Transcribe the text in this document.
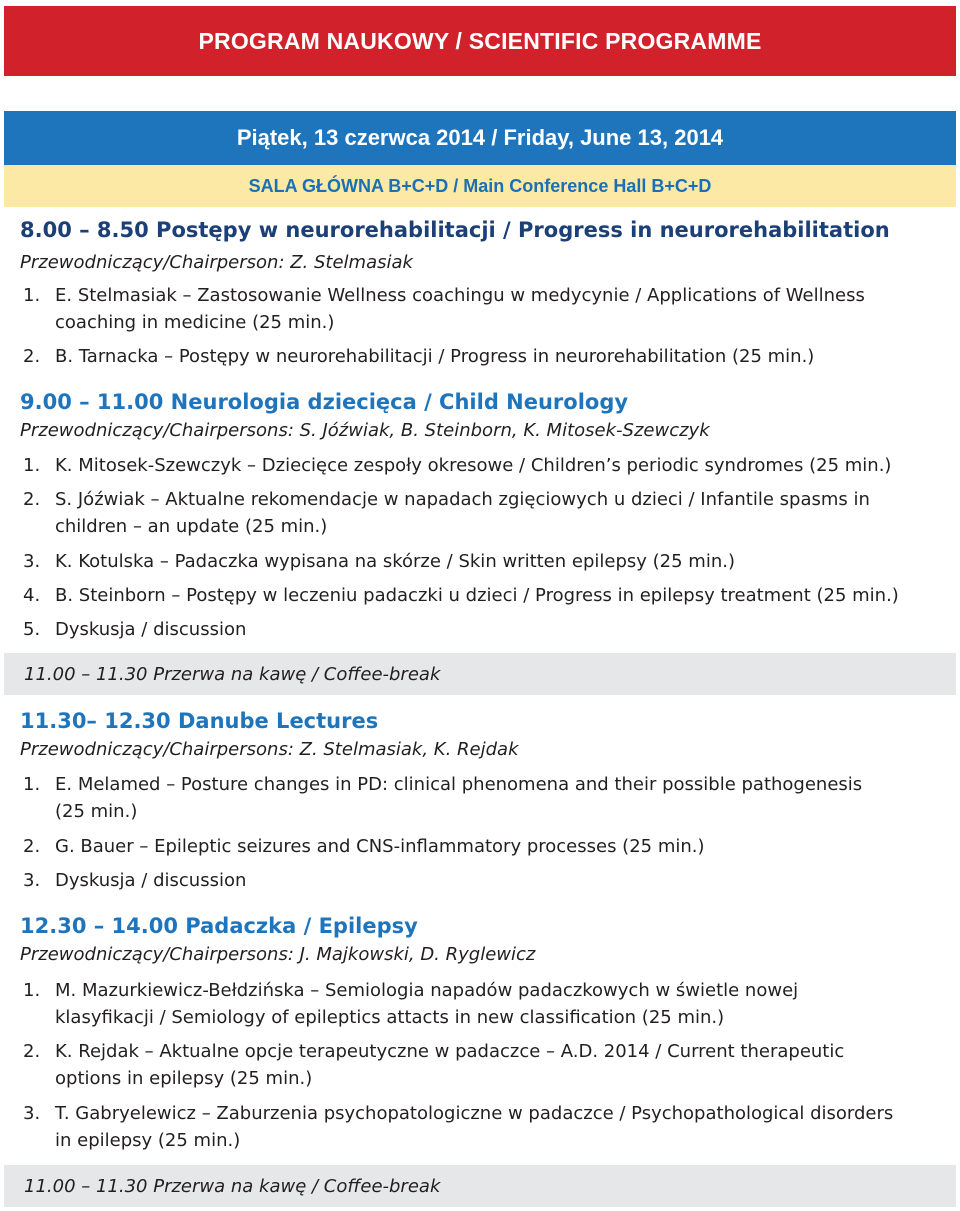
PROGRAM NAUKOWY / SCIENTIFIC PROGRAMME
Piątek, 13 czerwca 2014 / Friday, June 13, 2014
SALA GŁÓWNA B+C+D / Main Conference Hall B+C+D
8.00 – 8.50 Postępy w neurorehabilitacji / Progress in neurorehabilitation
Przewodniczący/Chairperson: Z. Stelmasiak
1. E. Stelmasiak – Zastosowanie Wellness coachingu w medycynie / Applications of Wellness
coaching in medicine (25 min.)
2. B. Tarnacka – Postępy w neurorehabilitacji / Progress in neurorehabilitation (25 min.)
9.00 – 11.00 Neurologia dziecięca / Child Neurology
Przewodniczący/Chairpersons: S. Jóźwiak, B. Steinborn, K. Mitosek-Szewczyk
1. K. Mitosek-Szewczyk – Dziecięce zespoły okresowe / Children’s periodic syndromes (25 min.)
2. S. Jóźwiak – Aktualne rekomendacje w napadach zgięciowych u dzieci / Infantile spasms in
children – an update (25 min.)
3. K. Kotulska – Padaczka wypisana na skórze / Skin written epilepsy (25 min.)
4. B. Steinborn – Postępy w leczeniu padaczki u dzieci / Progress in epilepsy treatment (25 min.)
5. Dyskusja / discussion
11.00 – 11.30 Przerwa na kawę / Coffee-break
11.30– 12.30 Danube Lectures
Przewodniczący/Chairpersons: Z. Stelmasiak, K. Rejdak
1. E. Melamed – Posture changes in PD: clinical phenomena and their possible pathogenesis
(25 min.)
2. G. Bauer – Epileptic seizures and CNS-inflammatory processes (25 min.)
3. Dyskusja / discussion
12.30 – 14.00 Padaczka / Epilepsy
Przewodniczący/Chairpersons: J. Majkowski, D. Ryglewicz
1. M. Mazurkiewicz-Bełdzińska – Semiologia napadów padaczkowych w świetle nowej
klasyfikacji / Semiology of epileptics attacts in new classification (25 min.)
2. K. Rejdak – Aktualne opcje terapeutyczne w padaczce – A.D. 2014 / Current therapeutic
options in epilepsy (25 min.)
3. T. Gabryelewicz – Zaburzenia psychopatologiczne w padaczce / Psychopathological disorders
in epilepsy (25 min.)
11.00 – 11.30 Przerwa na kawę / Coffee-break
